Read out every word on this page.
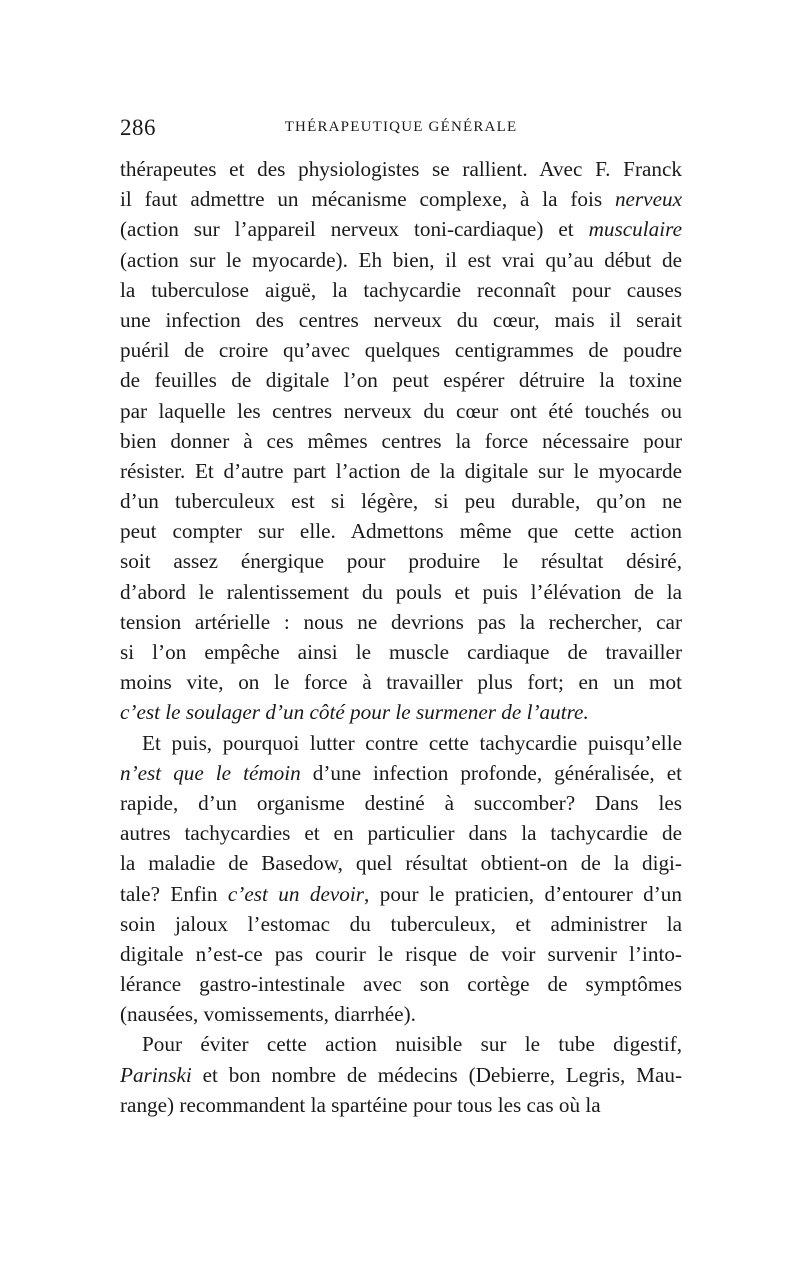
286	THÉRAPEUTIQUE GÉNÉRALE
thérapeutes et des physiologistes se rallient. Avec F. Franck
il faut admettre un mécanisme complexe, à la fois nerveux
(action sur l’appareil nerveux toni-cardiaque) et musculaire
(action sur le myocarde). Eh bien, il est vrai qu’au début de
la tuberculose aiguë, la tachycardie reconnaît pour causes
une infection des centres nerveux du cœur, mais il serait
puéril de croire qu’avec quelques centigrammes de poudre
de feuilles de digitale l’on peut espérer détruire la toxine
par laquelle les centres nerveux du cœur ont été touchés ou
bien donner à ces mêmes centres la force nécessaire pour
résister. Et d’autre part l’action de la digitale sur le myocarde
d’un tuberculeux est si légère, si peu durable, qu’on ne
peut compter sur elle. Admettons même que cette action
soit assez énergique pour produire le résultat désiré,
d’abord le ralentissement du pouls et puis l’élévation de la
tension artérielle : nous ne devrions pas la rechercher, car
si l’on empêche ainsi le muscle cardiaque de travailler
moins vite, on le force à travailler plus fort; en un mot
c’est le soulager d’un côté pour le surmener de l’autre.
Et puis, pourquoi lutter contre cette tachycardie puisqu’elle
n’est que le témoin d’une infection profonde, généralisée, et
rapide, d’un organisme destiné à succomber? Dans les
autres tachycardies et en particulier dans la tachycardie de
la maladie de Basedow, quel résultat obtient-on de la digi-
tale? Enfin c’est un devoir, pour le praticien, d’entourer d’un
soin jaloux l’estomac du tuberculeux, et administrer la
digitale n’est-ce pas courir le risque de voir survenir l’into-
lérance gastro-intestinale avec son cortège de symptômes
(nausées, vomissements, diarrhée).
Pour éviter cette action nuisible sur le tube digestif,
Parinski et bon nombre de médecins (Debierre, Legris, Mau-
range) recommandent la spartéine pour tous les cas où la
